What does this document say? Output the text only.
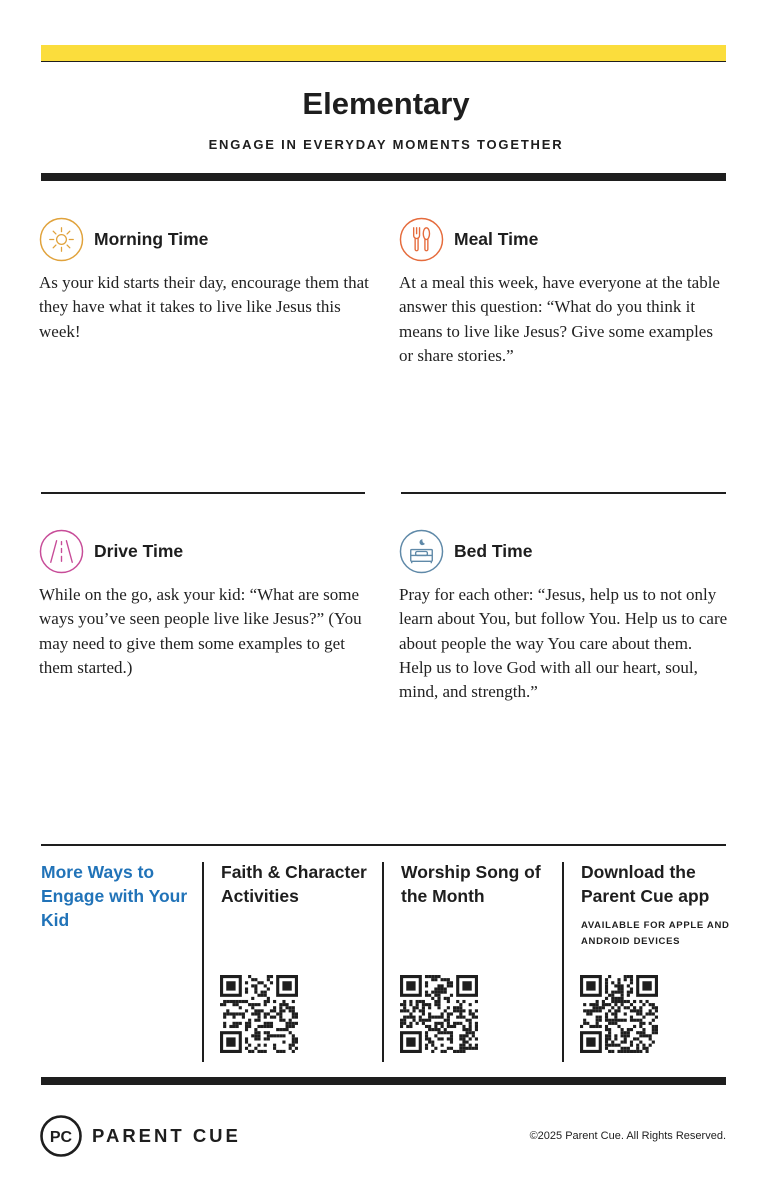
Elementary
ENGAGE IN EVERYDAY MOMENTS TOGETHER
Morning Time

As your kid starts their day, encourage them that they have what it takes to live like Jesus this week!

Meal Time

At a meal this week, have everyone at the table answer this question: “What do you think it means to live like Jesus? Give some examples or share stories.”

Drive Time

While on the go, ask your kid: “What are some ways you’ve seen people live like Jesus?” (You may need to give them some examples to get them started.)

Bed Time

Pray for each other: “Jesus, help us to not only learn about You, but follow You. Help us to care about people the way You care about them. Help us to love God with all our heart, soul, mind, and strength.”

More Ways to Engage with Your Kid
Faith & Character Activities
Worship Song of the Month
Download the Parent Cue app
AVAILABLE FOR APPLE AND ANDROID DEVICES
PC PARENT CUE	©2025 Parent Cue. All Rights Reserved.
